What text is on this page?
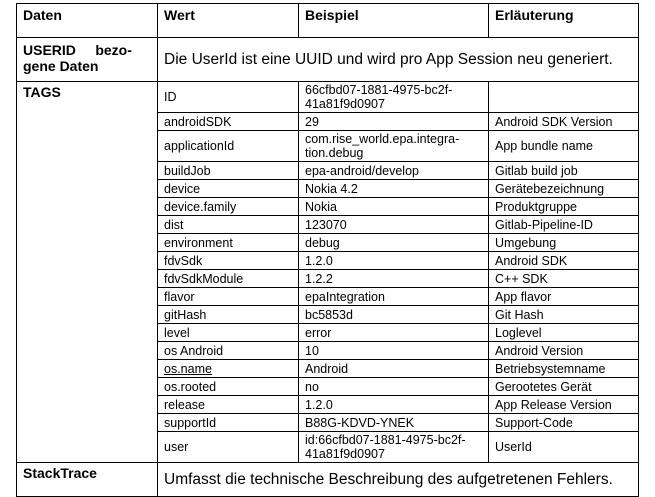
Daten	Wert	Beispiel	Erläuterung

USERID     bezo-
gene Daten	Die UserId ist eine UUID und wird pro App Session neu generiert.		
TAGS	ID	66cfbd07-1881-4975-bc2f-
41a81f9d0907	

	androidSDK	29	Android SDK Version
	applicationId	com.rise_world.epa.integra-
tion.debug	App bundle name
	buildJob	epa-android/develop	Gitlab build job
	device	Nokia 4.2	Gerätebezeichnung
	device.family	Nokia	Produktgruppe
	dist	123070	Gitlab-Pipeline-ID
	environment	debug	Umgebung
	fdvSdk	1.2.0	Android SDK
	fdvSdkModule	1.2.2	C++ SDK
	flavor	epaIntegration	App flavor
	gitHash	bc5853d	Git Hash
	level	error	Loglevel
	os Android	10	Android Version
	os.name	Android	Betriebsystemname
	os.rooted	no	Gerootetes Gerät
	release	1.2.0	App Release Version
	supportId	B88G-KDVD-YNEK	Support-Code
	user	id:66cfbd07-1881-4975-bc2f-
41a81f9d0907	UserId
StackTrace	Umfasst die technische Beschreibung des aufgetretenen Fehlers.		
